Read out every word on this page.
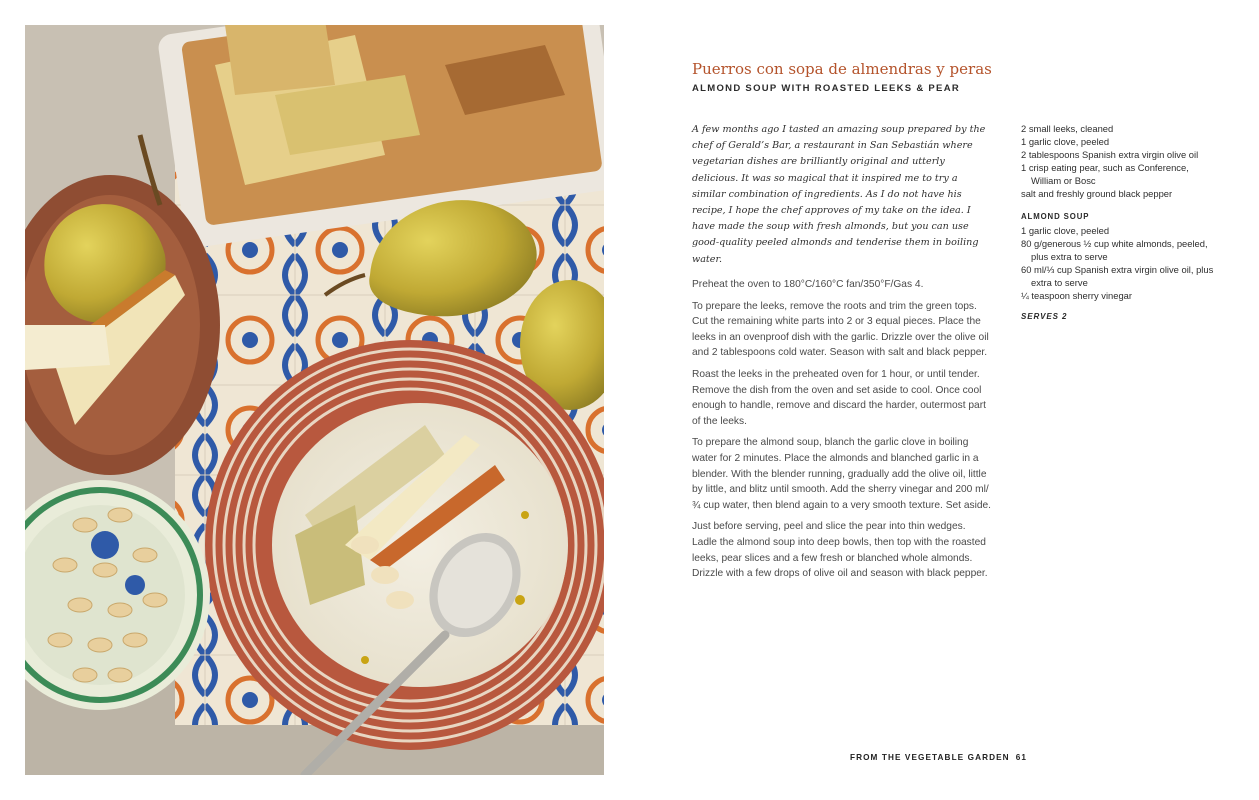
Puerros con sopa de almendras y peras
ALMOND SOUP WITH ROASTED LEEKS & PEAR

A few months ago I tasted an amazing soup prepared by the chef of Gerald’s Bar, a restaurant in San Sebastián where vegetarian dishes are brilliantly original and utterly delicious. It was so magical that it inspired me to try a similar combination of ingredients. As I do not have his recipe, I hope the chef approves of my take on the idea. I have made the soup with fresh almonds, but you can use good-quality peeled almonds and tenderise them in boiling water.

Preheat the oven to 180°C/160°C fan/350°F/Gas 4.

To prepare the leeks, remove the roots and trim the green tops. Cut the remaining white parts into 2 or 3 equal pieces. Place the leeks in an ovenproof dish with the garlic. Drizzle over the olive oil and 2 tablespoons cold water. Season with salt and black pepper.

Roast the leeks in the preheated oven for 1 hour, or until tender. Remove the dish from the oven and set aside to cool. Once cool enough to handle, remove and discard the harder, outermost part of the leeks.

To prepare the almond soup, blanch the garlic clove in boiling water for 2 minutes. Place the almonds and blanched garlic in a blender. With the blender running, gradually add the olive oil, little by little, and blitz until smooth. Add the sherry vinegar and 200 ml/¾ cup water, then blend again to a very smooth texture. Set aside.

Just before serving, peel and slice the pear into thin wedges. Ladle the almond soup into deep bowls, then top with the roasted leeks, pear slices and a few fresh or blanched whole almonds. Drizzle with a few drops of olive oil and season with black pepper.

2 small leeks, cleaned
1 garlic clove, peeled
2 tablespoons Spanish extra virgin olive oil
1 crisp eating pear, such as Conference, William or Bosc
salt and freshly ground black pepper
ALMOND SOUP
1 garlic clove, peeled
80 g/generous ½ cup white almonds, peeled, plus extra to serve
60 ml/⅓ cup Spanish extra virgin olive oil, plus extra to serve
¼ teaspoon sherry vinegar
SERVES 2
FROM THE VEGETABLE GARDEN 61
